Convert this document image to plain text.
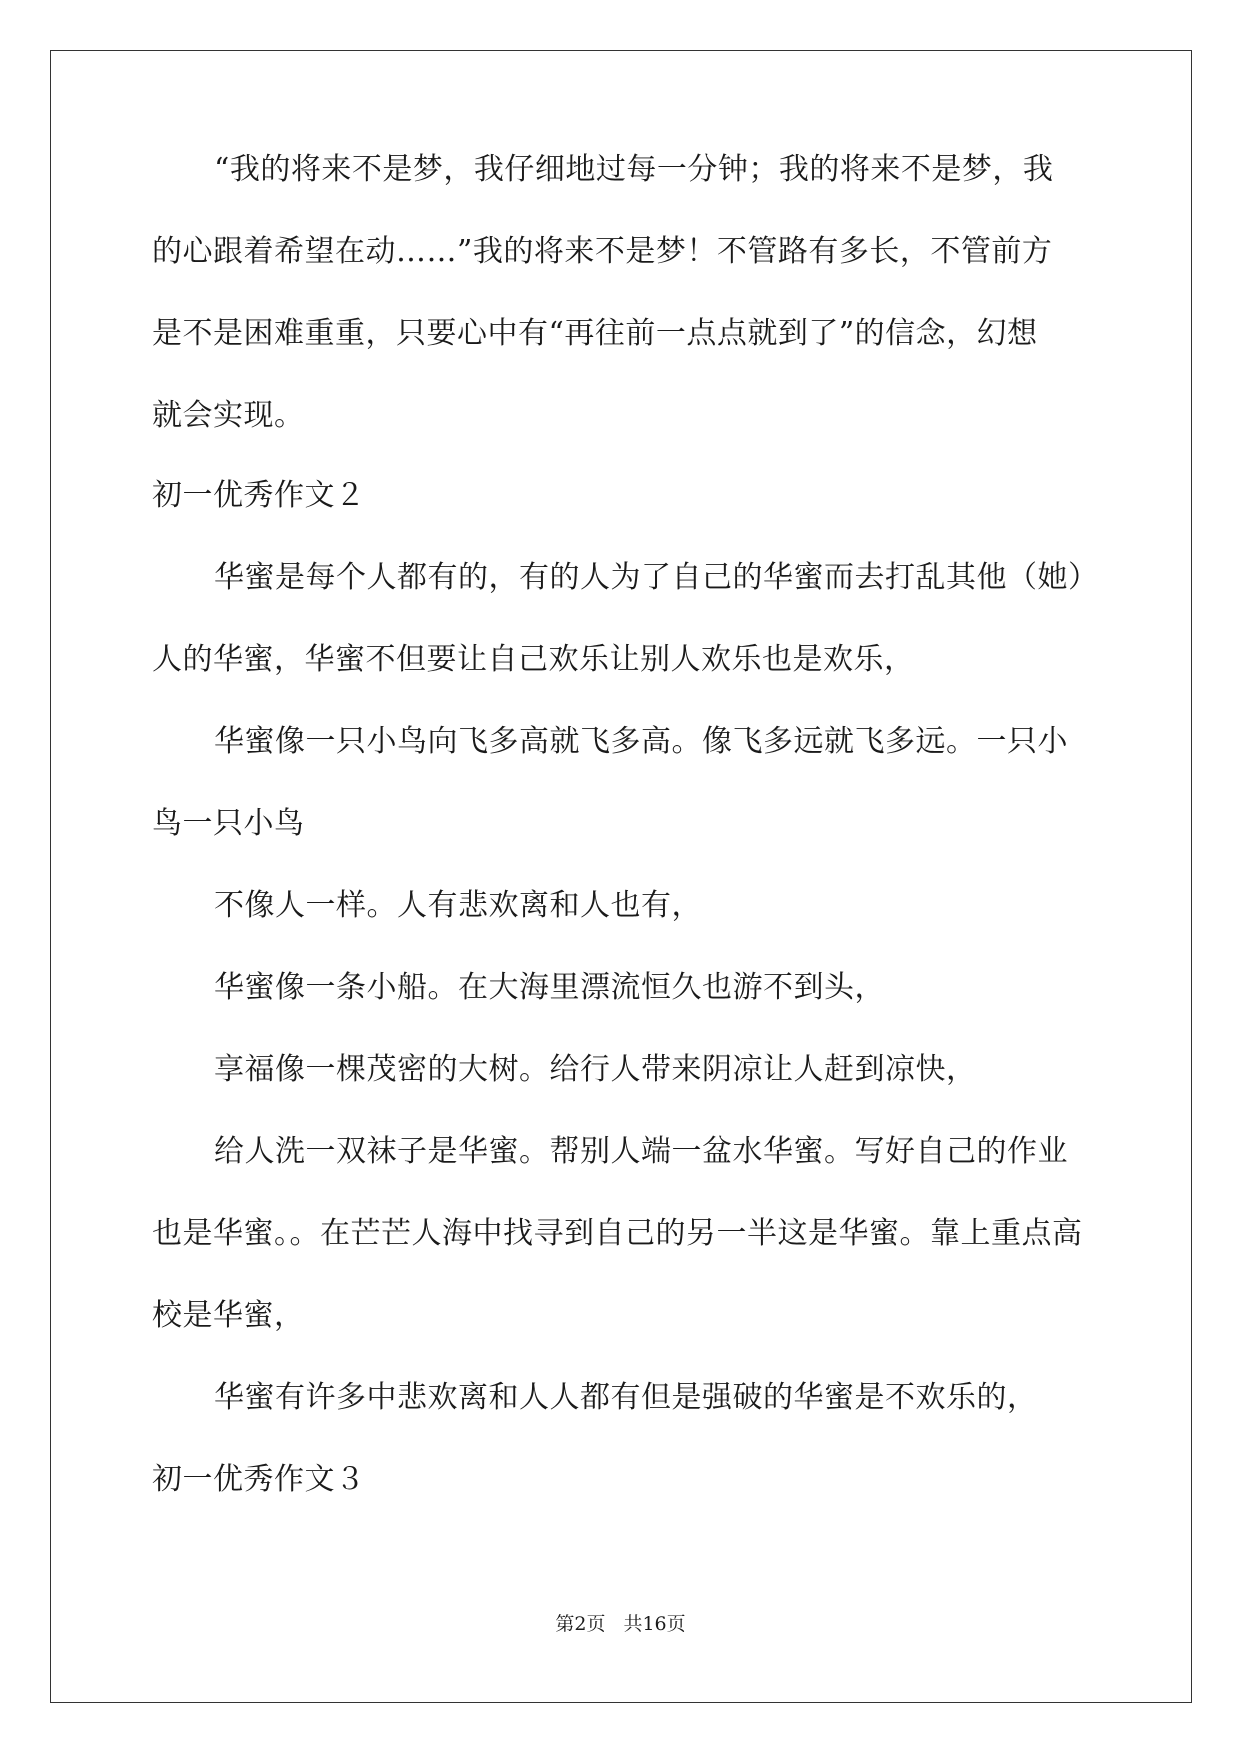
“我的将来不是梦，我仔细地过每一分钟；我的将来不是梦，我
的心跟着希望在动……”我的将来不是梦！不管路有多长，不管前方
是不是困难重重，只要心中有“再往前一点点就到了”的信念，幻想
就会实现。
初一优秀作文２
华蜜是每个人都有的，有的人为了自己的华蜜而去打乱其他（她）
人的华蜜，华蜜不但要让自己欢乐让别人欢乐也是欢乐，
华蜜像一只小鸟向飞多高就飞多高。像飞多远就飞多远。一只小
鸟一只小鸟
不像人一样。人有悲欢离和人也有，
华蜜像一条小船。在大海里漂流恒久也游不到头，
享福像一棵茂密的大树。给行人带来阴凉让人赶到凉快，
给人洗一双袜子是华蜜。帮别人端一盆水华蜜。写好自己的作业
也是华蜜。。在芒芒人海中找寻到自己的另一半这是华蜜。靠上重点高
校是华蜜，
华蜜有许多中悲欢离和人人都有但是强破的华蜜是不欢乐的，
初一优秀作文３
第2页 共16页
